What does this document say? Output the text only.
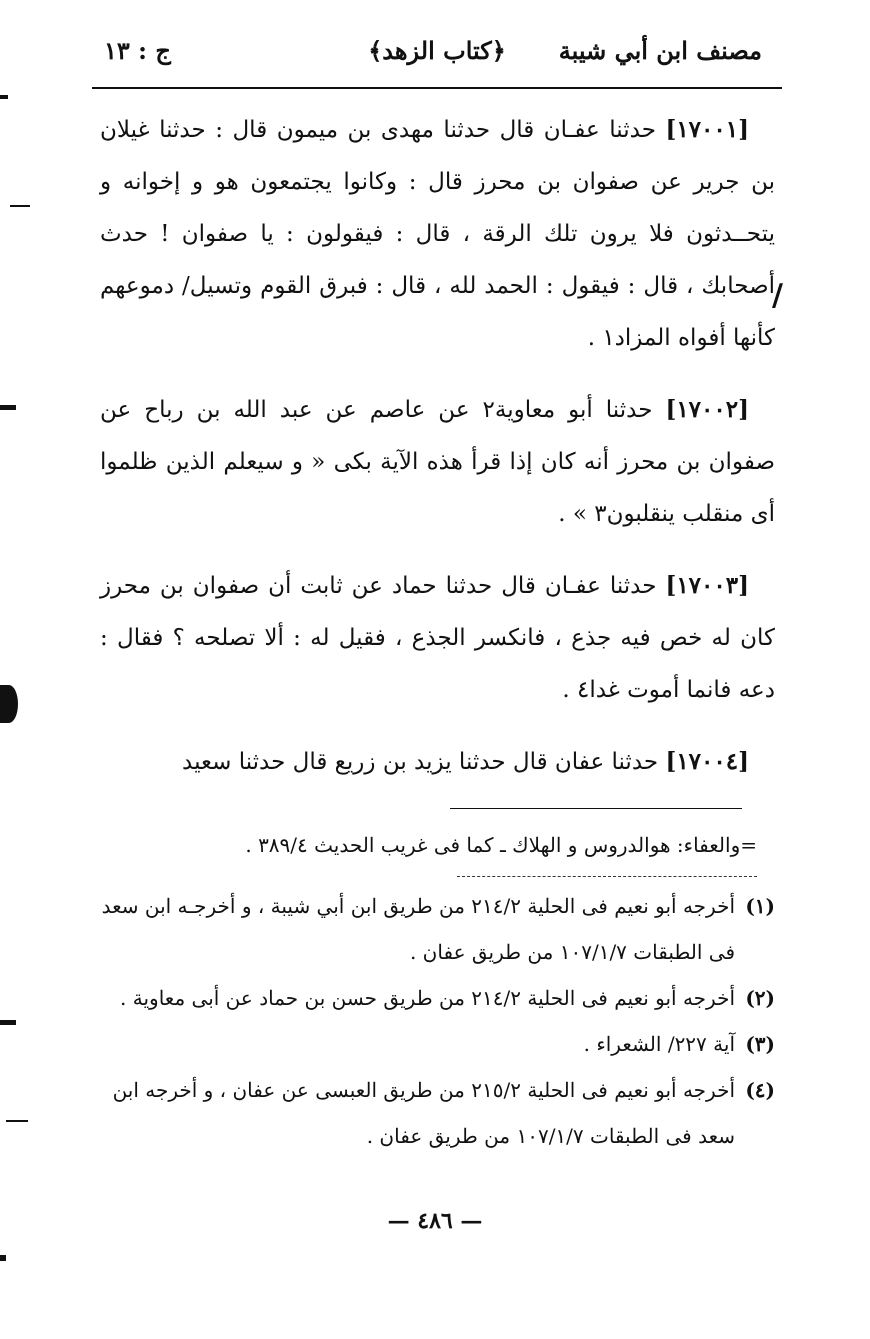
مصنف ابن أبي شيبة
﴿كتاب الزهد﴾
ج : ١٣

[١٧٠٠١] حدثنا عفـان قال حدثنا مهدى بن ميمون قال : حدثنا غيلان بن جرير عن صفوان بن محرز قال : وكانوا يجتمعون هو و إخوانه و يتحــدثون فلا يرون تلك الرقة ، قال : فيقولون : يا صفوان ! حدث أصحابك ، قال : فيقول : الحمد لله ، قال : فبرق القوم وتسيل/ دموعهم كأنها أفواه المزاد١ .

[١٧٠٠٢] حدثنا أبو معاوية٢ عن عاصم عن عبد الله بن رباح عن صفوان بن محرز أنه كان إذا قرأ هذه الآية بكى « و سيعلم الذين ظلموا أى منقلب ينقلبون٣ » .

[١٧٠٠٣] حدثنا عفـان قال حدثنا حماد عن ثابت أن صفوان بن محرز كان له خص فيه جذع ، فانكسر الجذع ، فقيل له : ألا تصلحه ؟ فقال : دعه فانما أموت غدا٤ .

[١٧٠٠٤] حدثنا عفان قال حدثنا يزيد بن زريع قال حدثنا سعيد

/

=والعفاء: هوالدروس و الهلاك ـ كما فى غريب الحديث ٣٨٩/٤ .

(١)
أخرجه أبو نعيم فى الحلية ٢١٤/٢ من طريق ابن أبي شيبة ، و أخرجـه ابن سعد فى الطبقات ١٠٧/١/٧ من طريق عفان .

(٢)
أخرجه أبو نعيم فى الحلية ٢١٤/٢ من طريق حسن بن حماد عن أبى معاوية .

(٣)
آية ٢٢٧/ الشعراء .

(٤)
أخرجه أبو نعيم فى الحلية ٢١٥/٢ من طريق العبسى عن عفان ، و أخرجه ابن سعد فى الطبقات ١٠٧/١/٧ من طريق عفان .

— ٤٨٦ —
